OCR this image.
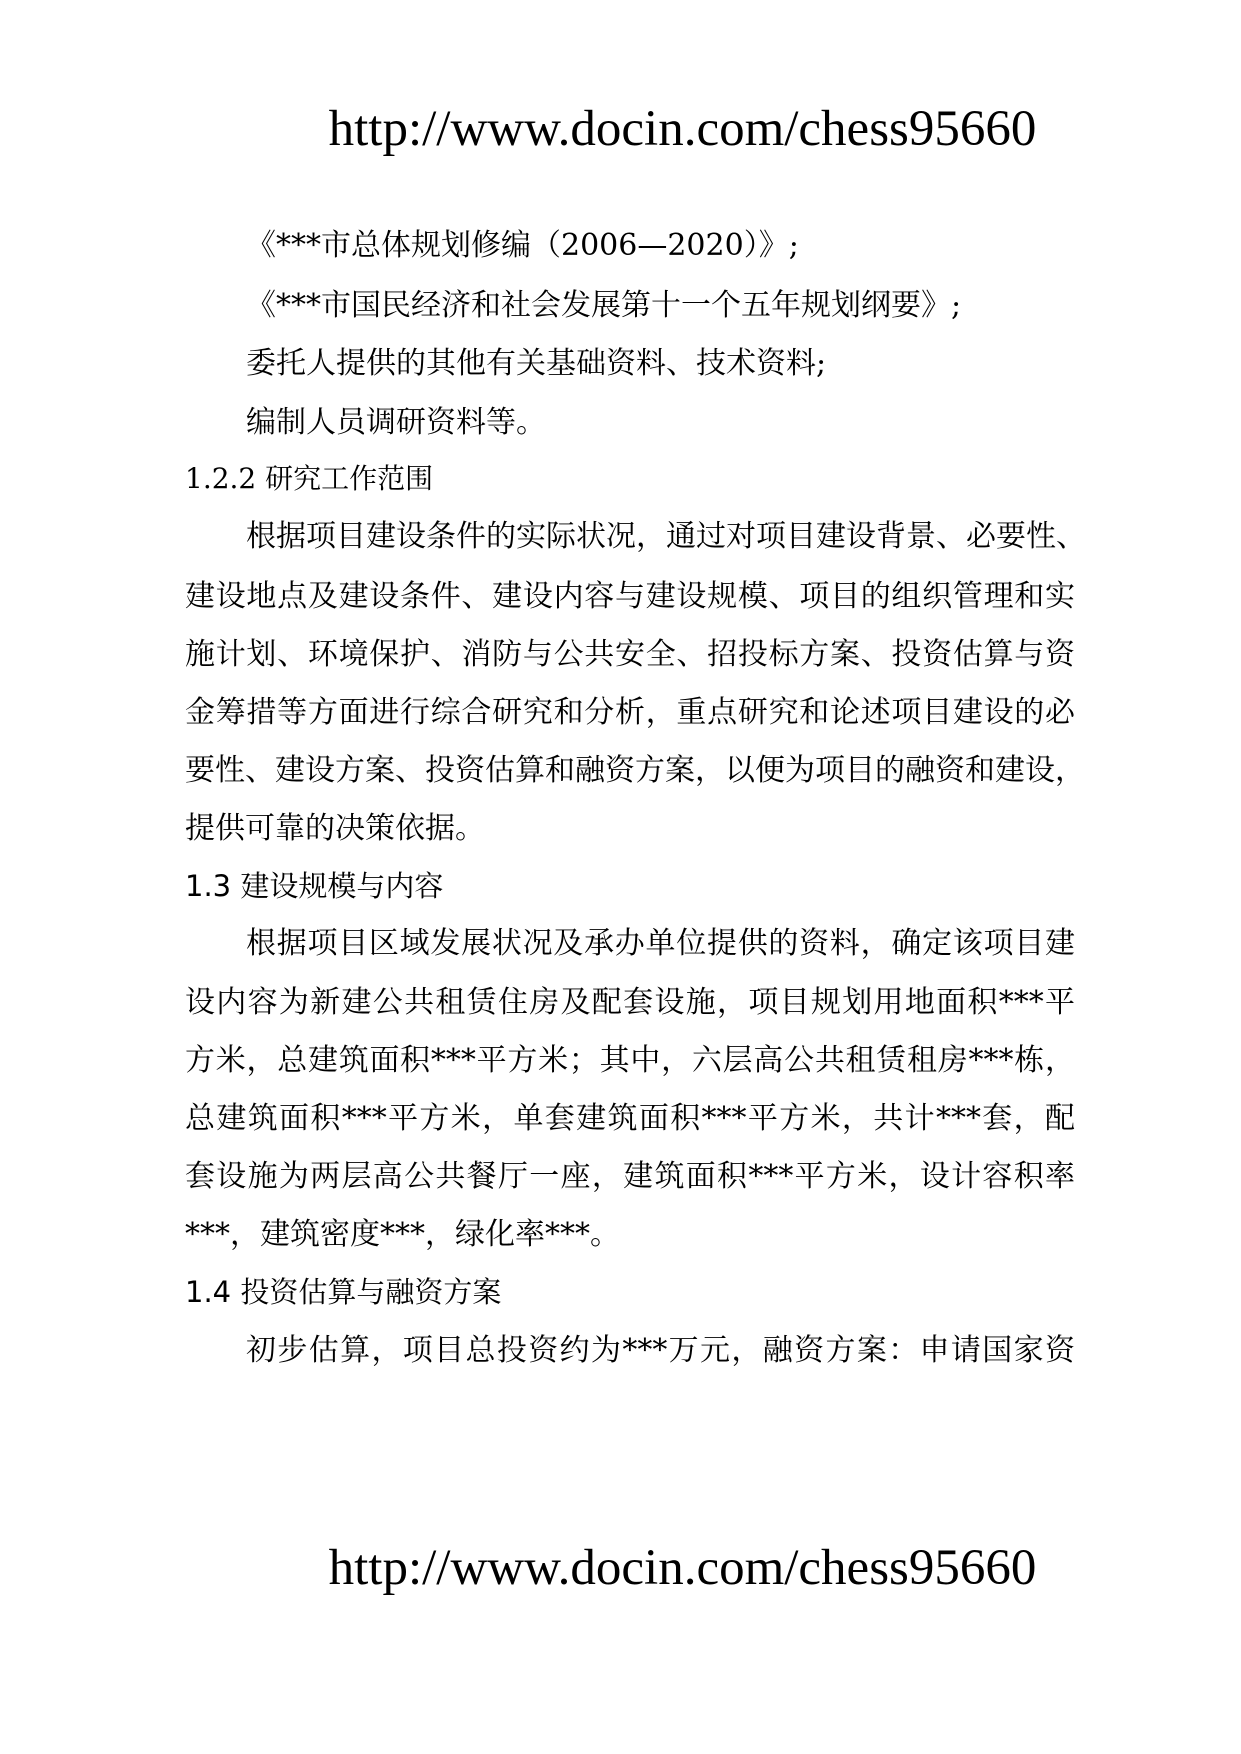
http://www.docin.com/chess95660
《***市总体规划修编（2006—2020）》;
《***市国民经济和社会发展第十一个五年规划纲要》;
委托人提供的其他有关基础资料、技术资料;
编制人员调研资料等。
1.2.2 研究工作范围
根据项目建设条件的实际状况，通过对项目建设背景、必要性、
建设地点及建设条件、建设内容与建设规模、项目的组织管理和实
施计划、环境保护、消防与公共安全、招投标方案、投资估算与资
金筹措等方面进行综合研究和分析，重点研究和论述项目建设的必
要性、建设方案、投资估算和融资方案，以便为项目的融资和建设，
提供可靠的决策依据。
1.3 建设规模与内容
根据项目区域发展状况及承办单位提供的资料，确定该项目建
设内容为新建公共租赁住房及配套设施，项目规划用地面积***平
方米，总建筑面积***平方米；其中，六层高公共租赁租房***栋，
总建筑面积***平方米，单套建筑面积***平方米，共计***套，配
套设施为两层高公共餐厅一座，建筑面积***平方米，设计容积率
***，建筑密度***，绿化率***。
1.4 投资估算与融资方案
初步估算，项目总投资约为***万元，融资方案：申请国家资
http://www.docin.com/chess95660
